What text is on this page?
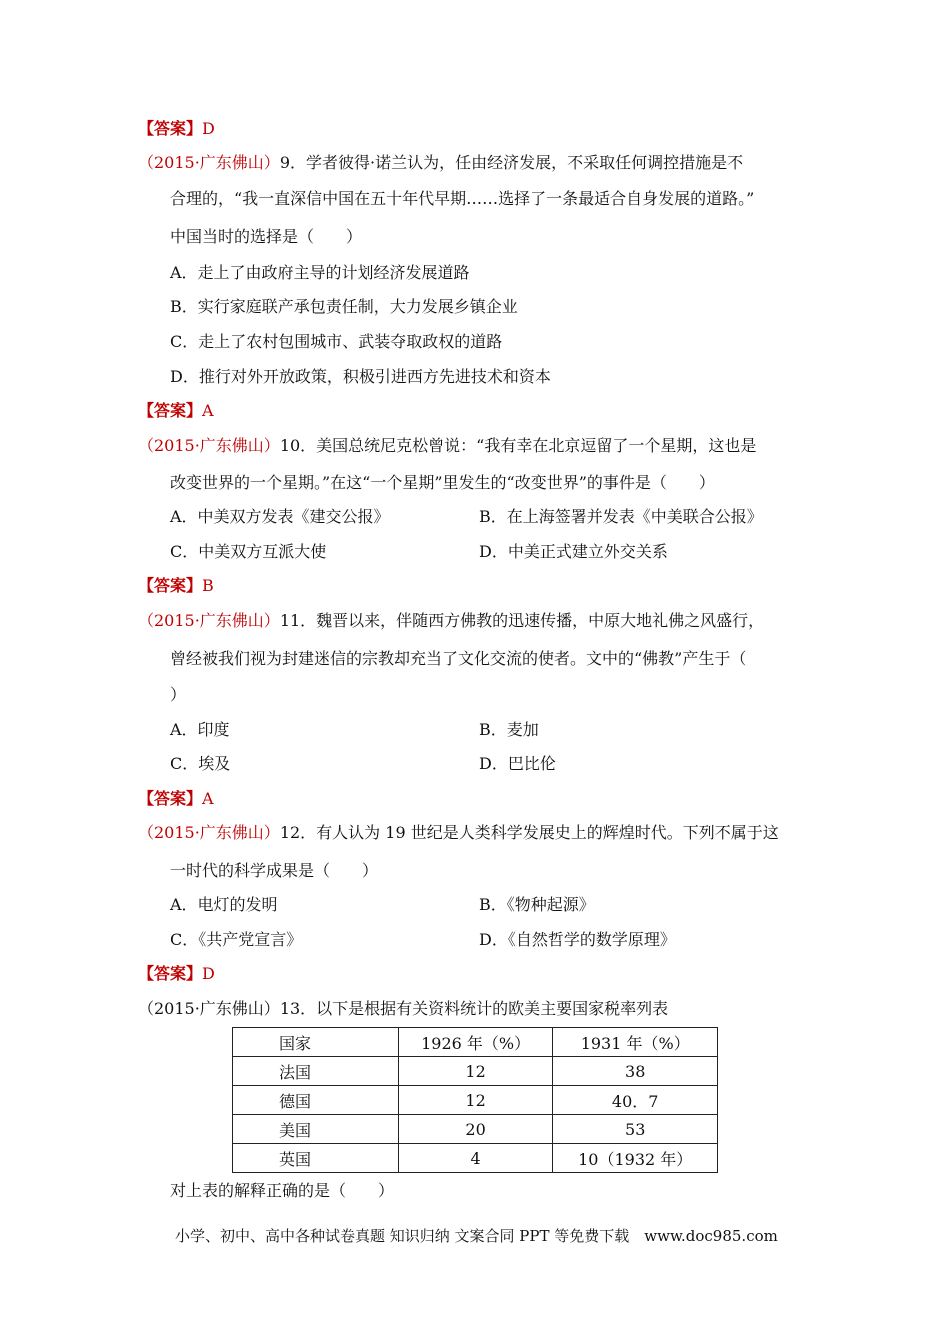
【答案】D
（2015·广东佛山）9．学者彼得·诺兰认为，任由经济发展，不采取任何调控措施是不
合理的，“我一直深信中国在五十年代早期……选择了一条最适合自身发展的道路。”
中国当时的选择是（　　）
A．走上了由政府主导的计划经济发展道路
B．实行家庭联产承包责任制，大力发展乡镇企业
C．走上了农村包围城市、武装夺取政权的道路
D．推行对外开放政策，积极引进西方先进技术和资本
【答案】A
（2015·广东佛山）10．美国总统尼克松曾说：“我有幸在北京逗留了一个星期，这也是
改变世界的一个星期。”在这“一个星期”里发生的“改变世界”的事件是（　　）
A．中美双方发表《建交公报》	B．在上海签署并发表《中美联合公报》
C．中美双方互派大使	D．中美正式建立外交关系
【答案】B
（2015·广东佛山）11．魏晋以来，伴随西方佛教的迅速传播，中原大地礼佛之风盛行，
曾经被我们视为封建迷信的宗教却充当了文化交流的使者。文中的“佛教”产生于（
）
A．印度	B．麦加
C．埃及	D．巴比伦
【答案】A
（2015·广东佛山）12．有人认为 19 世纪是人类科学发展史上的辉煌时代。下列不属于这
一时代的科学成果是（　　）
A．电灯的发明	B．《物种起源》
C．《共产党宣言》	D．《自然哲学的数学原理》
【答案】D
（2015·广东佛山）13．以下是根据有关资料统计的欧美主要国家税率列表
国家	1926 年（%）	1931 年（%）
法国	12	38
德国	12	40．7
美国	20	53
英国	4	10（1932 年）
对上表的解释正确的是（　　）
小学、初中、高中各种试卷真题 知识归纳 文案合同 PPT 等免费下载　www.doc985.com
